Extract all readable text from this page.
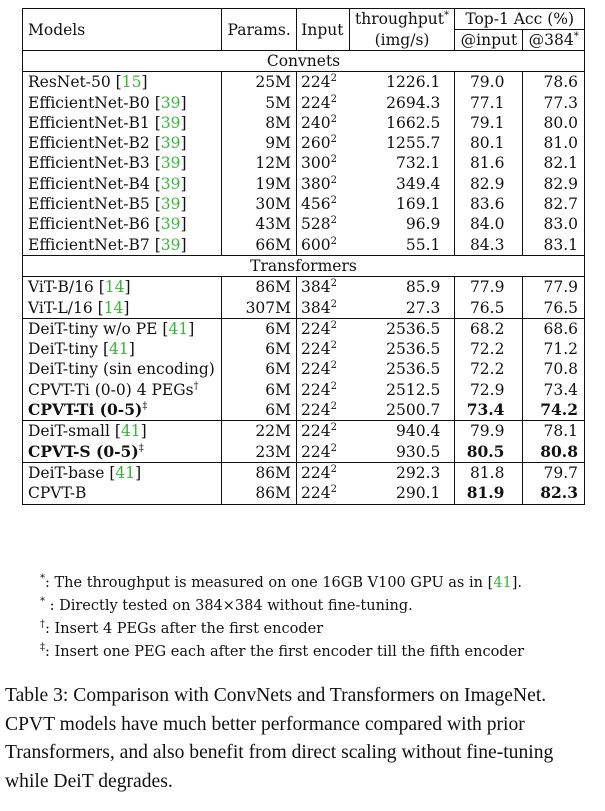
Models	Params.	Input	throughput*	Top-1 Acc (%)	
			(img/s)	@input	@384*
Convnets					
ResNet-50 [15]	25M	$224^2$	1226.1	79.0	78.6
EfficientNet-B0 [39]	5M	$224^2$	2694.3	77.1	77.3
EfficientNet-B1 [39]	8M	$240^2$	1662.5	79.1	80.0
EfficientNet-B2 [39]	9M	$260^2$	1255.7	80.1	81.0
EfficientNet-B3 [39]	12M	$300^2$	732.1	81.6	82.1
EfficientNet-B4 [39]	19M	$380^2$	349.4	82.9	82.9
EfficientNet-B5 [39]	30M	$456^2$	169.1	83.6	82.7
EfficientNet-B6 [39]	43M	$528^2$	96.9	84.0	83.0
EfficientNet-B7 [39]	66M	$600^2$	55.1	84.3	83.1
Transformers					
ViT-B/16 [14]	86M	$384^2$	85.9	77.9	77.9
ViT-L/16 [14]	307M	$384^2$	27.3	76.5	76.5
DeiT-tiny w/o PE [41]	6M	$224^2$	2536.5	68.2	68.6
DeiT-tiny [41]	6M	$224^2$	2536.5	72.2	71.2
DeiT-tiny (sin encoding)	6M	$224^2$	2536.5	72.2	70.8
CPVT-Ti (0-0) 4 PEGs†	6M	$224^2$	2512.5	72.9	73.4
CPVT-Ti (0-5)‡	6M	$224^2$	2500.7	73.4	74.2
DeiT-small [41]	22M	$224^2$	940.4	79.9	78.1
CPVT-S (0-5)‡	23M	$224^2$	930.5	80.5	80.8
DeiT-base [41]	86M	$224^2$	292.3	81.8	79.7
CPVT-B	86M	$224^2$	290.1	81.9	82.3
*: The throughput is measured on one 16GB V100 GPU as in [41].
* : Directly tested on 384×384 without fine-tuning.
†: Insert 4 PEGs after the first encoder
‡: Insert one PEG each after the first encoder till the fifth encoder
Table 3: Comparison with ConvNets and Transformers on ImageNet. CPVT models have much better performance compared with prior Transformers, and also benefit from direct scaling without fine-tuning while DeiT degrades.
